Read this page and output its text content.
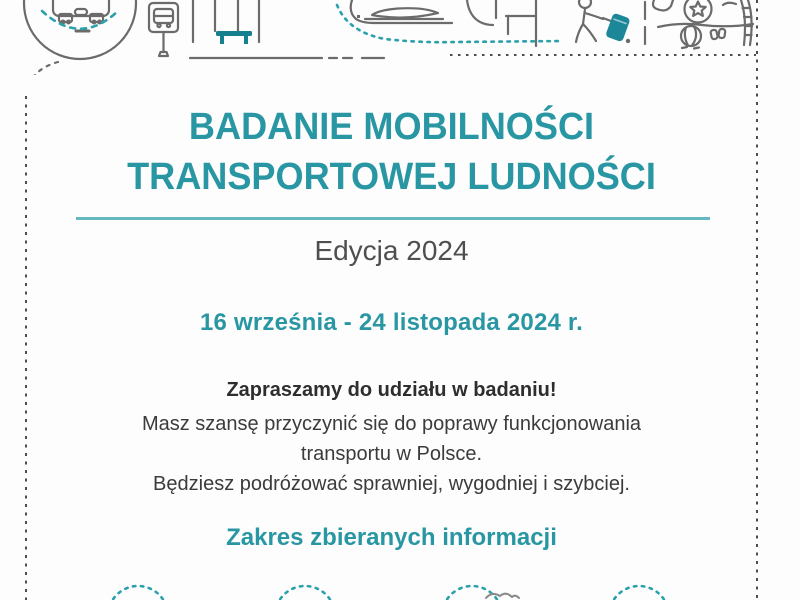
BADANIE MOBILNOŚCI
TRANSPORTOWEJ LUDNOŚCI
Edycja 2024
16 września - 24 listopada 2024 r.
Zapraszamy do udziału w badaniu!
Masz szansę przyczynić się do poprawy funkcjonowania
transportu w Polsce.
Będziesz podróżować sprawniej, wygodniej i szybciej.
Zakres zbieranych informacji
